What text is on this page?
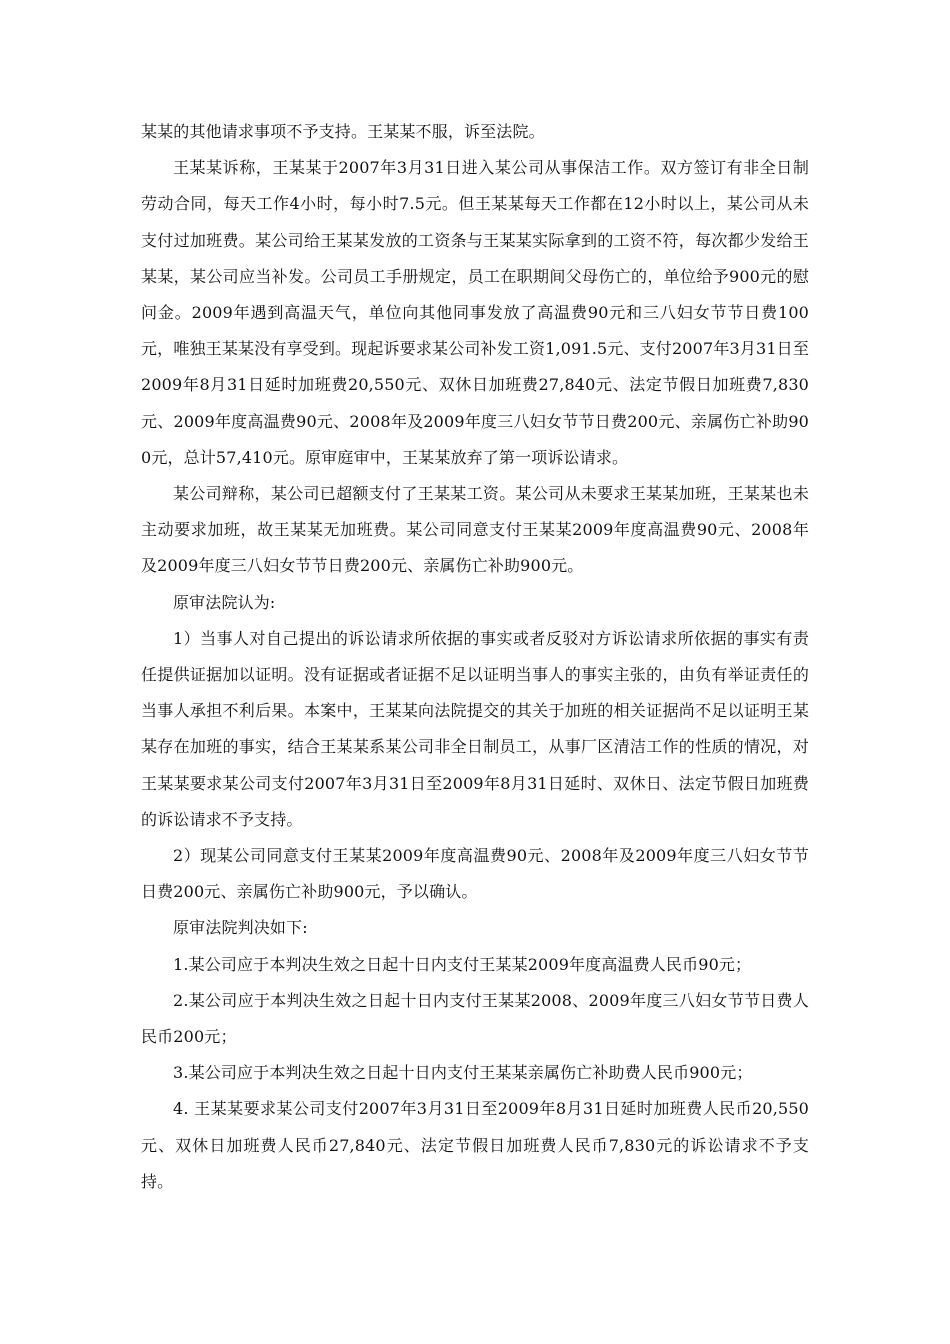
某某的其他请求事项不予支持。王某某不服，诉至法院。

王某某诉称，王某某于2007年3月31日进入某公司从事保洁工作。双方签订有非全日制劳动合同，每天工作4小时，每小时7.5元。但王某某每天工作都在12小时以上，某公司从未支付过加班费。某公司给王某某发放的工资条与王某某实际拿到的工资不符，每次都少发给王某某，某公司应当补发。公司员工手册规定，员工在职期间父母伤亡的，单位给予900元的慰问金。2009年遇到高温天气，单位向其他同事发放了高温费90元和三八妇女节节日费100元，唯独王某某没有享受到。现起诉要求某公司补发工资1,091.5元、支付2007年3月31日至2009年8月31日延时加班费20,550元、双休日加班费27,840元、法定节假日加班费7,830元、2009年度高温费90元、2008年及2009年度三八妇女节节日费200元、亲属伤亡补助900元，总计57,410元。原审庭审中，王某某放弃了第一项诉讼请求。

某公司辩称，某公司已超额支付了王某某工资。某公司从未要求王某某加班，王某某也未主动要求加班，故王某某无加班费。某公司同意支付王某某2009年度高温费90元、2008年及2009年度三八妇女节节日费200元、亲属伤亡补助900元。

原审法院认为:

1）当事人对自己提出的诉讼请求所依据的事实或者反驳对方诉讼请求所依据的事实有责任提供证据加以证明。没有证据或者证据不足以证明当事人的事实主张的，由负有举证责任的当事人承担不利后果。本案中，王某某向法院提交的其关于加班的相关证据尚不足以证明王某某存在加班的事实，结合王某某系某公司非全日制员工，从事厂区清洁工作的性质的情况，对王某某要求某公司支付2007年3月31日至2009年8月31日延时、双休日、法定节假日加班费的诉讼请求不予支持。

2）现某公司同意支付王某某2009年度高温费90元、2008年及2009年度三八妇女节节日费200元、亲属伤亡补助900元，予以确认。

原审法院判决如下:

1.某公司应于本判决生效之日起十日内支付王某某2009年度高温费人民币90元；

2.某公司应于本判决生效之日起十日内支付王某某2008、2009年度三八妇女节节日费人民币200元；

3.某公司应于本判决生效之日起十日内支付王某某亲属伤亡补助费人民币900元；

4. 王某某要求某公司支付2007年3月31日至2009年8月31日延时加班费人民币20,550元、双休日加班费人民币27,840元、法定节假日加班费人民币7,830元的诉讼请求不予支持。
